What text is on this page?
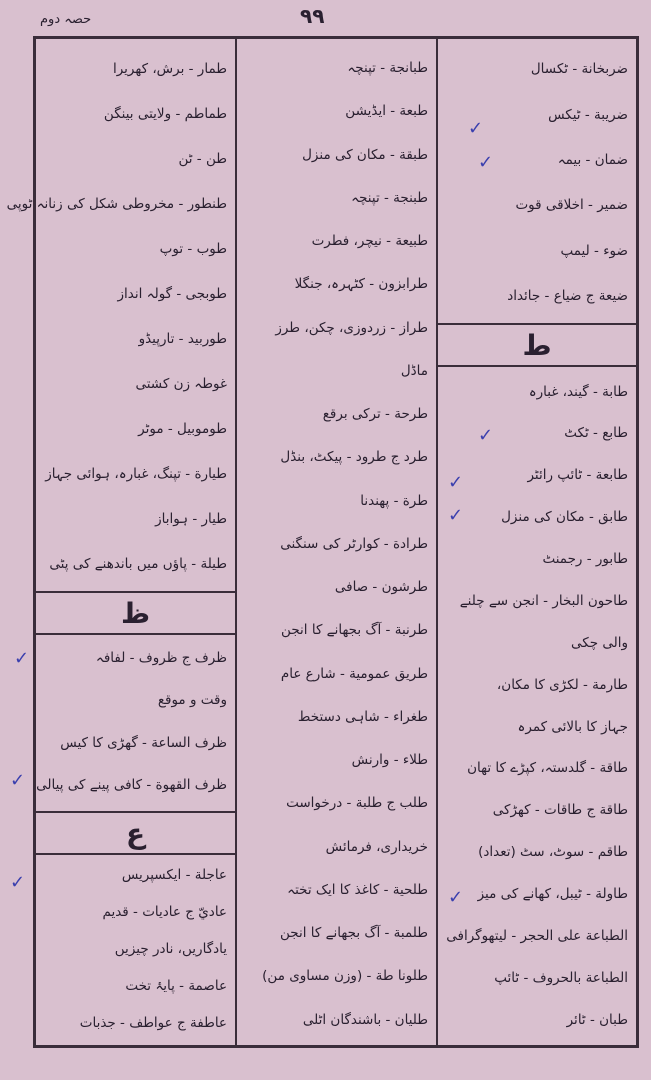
۹۹
حصہ دوم
ضربخانة - ٹکسال
ضريبة - ٹیکس
ضمان - بیمہ
ضمير - اخلاقی قوت
ضوء - لیمپ
ضيعة ج ضياع - جائداد
ط
طابة - گیند، غبارہ
طابع - ٹکٹ
طابعة - ٹائپ رائٹر
طابق - مکان کی منزل
طابور - رجمنٹ
طاحون البخار - انجن سے چلنے
والی چکی
طارمة - لکڑی کا مکان،
جہاز کا بالائی کمرہ
طاقة - گلدستہ، کپڑے کا تھان
طاقة ج طاقات - کھڑکی
طاقم - سوٹ، سٹ (تعداد)
طاولة - ٹیبل، کھانے کی میز
الطباعة على الحجر - لیتھوگرافی
الطباعة بالحروف - ٹائپ
طبان - ٹائر
طبانجة - تپنچہ
طبعة - ایڈیشن
طبقة - مکان کی منزل
طبنجة - تپنچہ
طبيعة - نیچر، فطرت
طرابزون - کٹہرہ، جنگلا
طراز - زردوزی، چکن، طرز
ماڈل
طرحة - ترکی برقع
طرد ج طرود - پیکٹ، بنڈل
طرة - پھندنا
طرادة - کوارٹر کی سنگنی
طرشون - صافی
طرنبة - آگ بجھانے کا انجن
طريق عمومية - شارع عام
طغراء - شاہی دستخط
طلاء - وارنش
طلب ج طلبة - درخواست
خریداری، فرمائش
طلحية - کاغذ کا ایک تختہ
طلمبة - آگ بجھانے کا انجن
طلونا طة - (وزن مساوی من)
طليان - باشندگان اٹلی
طمار - برش، کھریرا
طماطم - ولایتی بینگن
طن - ٹن
طنطور - مخروطی شکل کی زنانہ ٹوپی
طوب - توپ
طوبجی - گولہ انداز
طوربید - تارپیڈو
غوطہ زن کشتی
طوموبيل - موٹر
طيارة - تپنگ، غبارہ، ہوائی جہاز
طيار - ہواباز
طيلة - پاؤں میں باندھنے کی پٹی
ظ
ظرف ج ظروف - لفافہ
وقت و موقع
ظرف الساعة - گھڑی کا کیس
ظرف القهوة - کافی پینے کی پیالی
ع
عاجلة - ایکسپریس
عاديّ ج عاديات - قدیم
یادگاریں، نادر چیزیں
عاصمة - پایۂ تخت
عاطفة ج عواطف - جذبات
✓
✓
✓
✓
✓
✓
✓
✓
✓
